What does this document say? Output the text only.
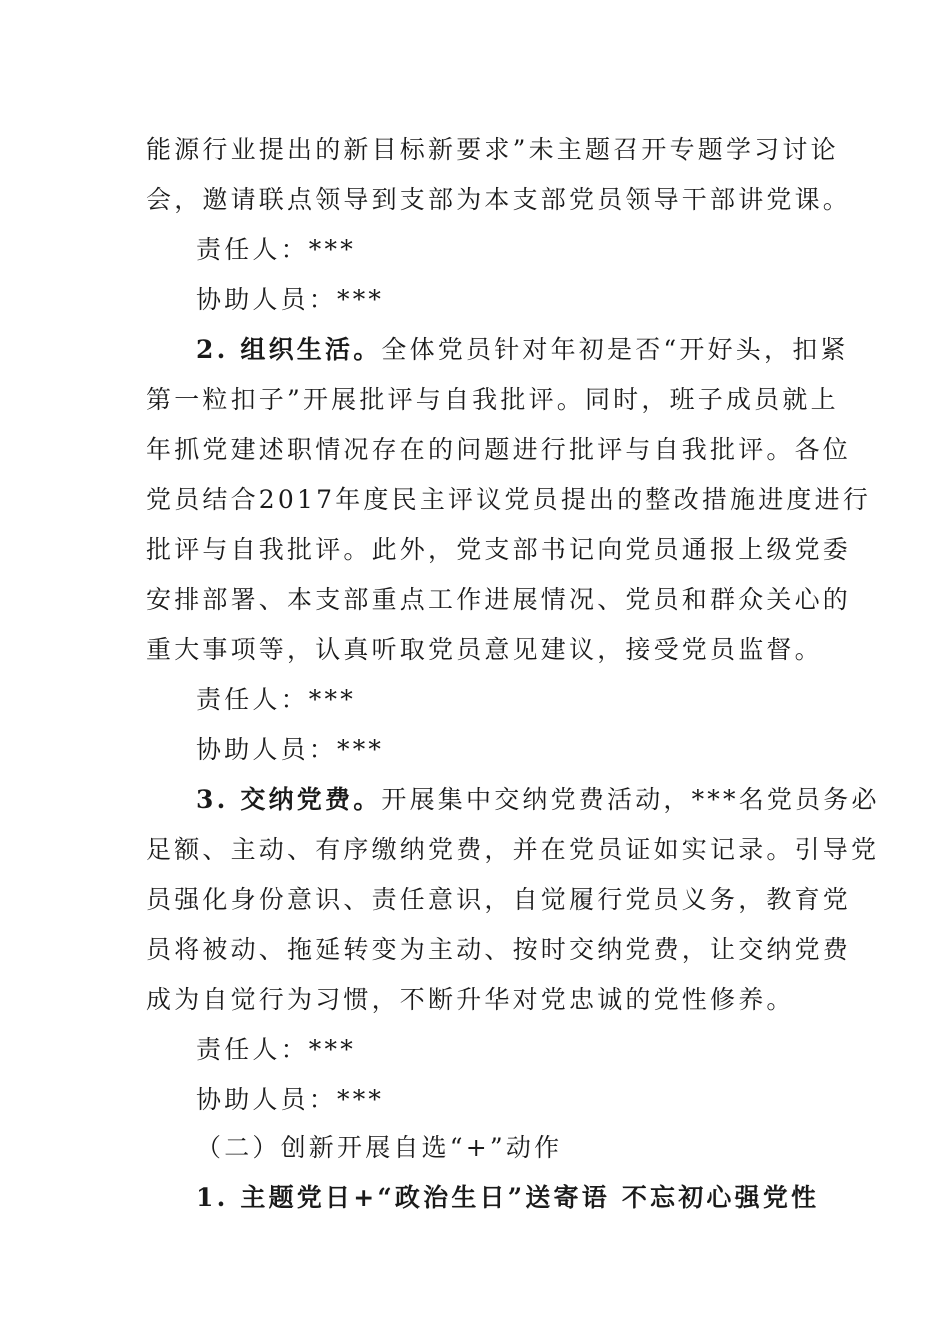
能源行业提出的新目标新要求”未主题召开专题学习讨论
会，邀请联点领导到支部为本支部党员领导干部讲党课。
责任人：***
协助人员：***
2. 组织生活。全体党员针对年初是否“开好头，扣紧
第一粒扣子”开展批评与自我批评。同时，班子成员就上
年抓党建述职情况存在的问题进行批评与自我批评。各位
党员结合2017年度民主评议党员提出的整改措施进度进行
批评与自我批评。此外，党支部书记向党员通报上级党委
安排部署、本支部重点工作进展情况、党员和群众关心的
重大事项等，认真听取党员意见建议，接受党员监督。
责任人：***
协助人员：***
3. 交纳党费。开展集中交纳党费活动，***名党员务必
足额、主动、有序缴纳党费，并在党员证如实记录。引导党
员强化身份意识、责任意识，自觉履行党员义务，教育党
员将被动、拖延转变为主动、按时交纳党费，让交纳党费
成为自觉行为习惯，不断升华对党忠诚的党性修养。
责任人：***
协助人员：***
（二）创新开展自选“+”动作
1. 主题党日+“政治生日”送寄语 不忘初心强党性
